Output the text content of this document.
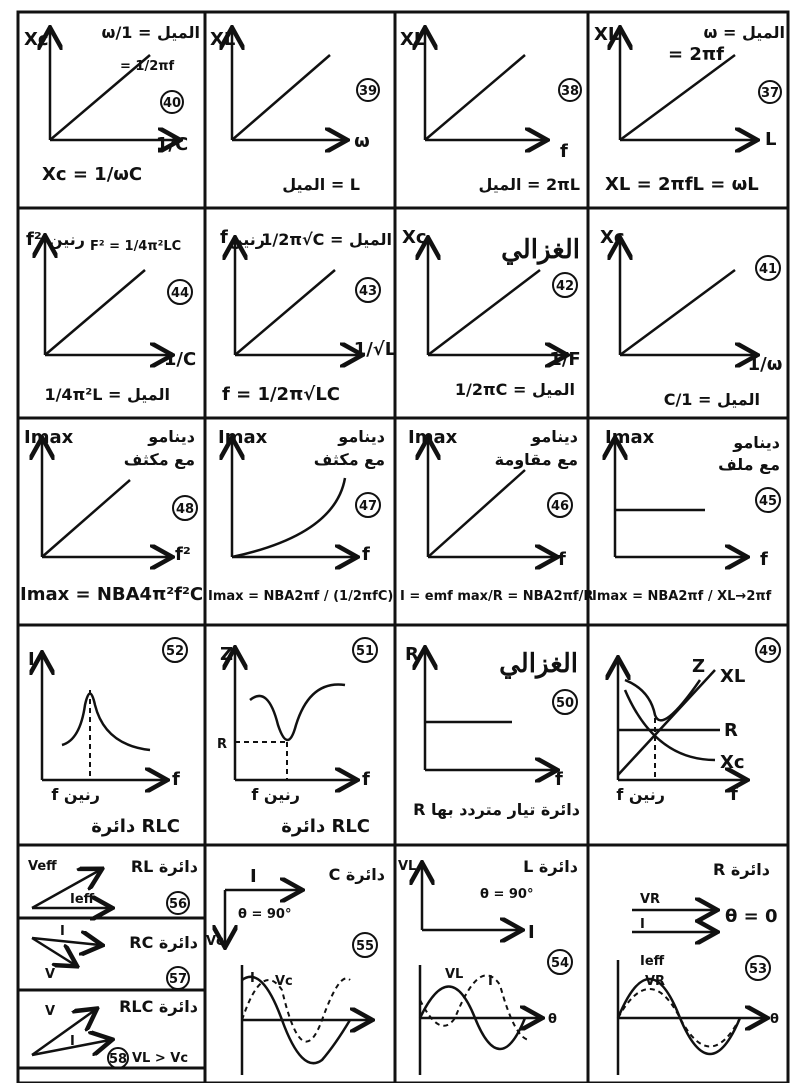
Xc	الميل = 1/ω
= 1/2πf
40
1/C
Xc = 1/ωC
XL
ω
39
L = الميل
XL
f
38
2πL = الميل
XL	الميل = ω
= 2πf
37
L
XL = 2πfL = ωL
f² رنين F² = 1/4π²LC
44
1/C
الميل = 1/4π²L
f رنين
الميل = 1/2π√C
43
1/√L
f = 1/2π√LC
Xc	الغزالي
42
1/F
الميل = 1/2πC
Xc
41
1/ω
الميل = 1/C
Imax	دينامو
مع مكثف
48
f²
Imax = NBA4π²f²C
Imax	دينامو
مع مكثف
47
f
Imax = NBA2πf / (1/2πfC)
Imax	دينامو
مع مقاومة
46
f
I = emf max/R = NBA2πf/R
Imax	دينامو
مع ملف
45
f
Imax = NBA2πf / XL→2πf
I	52
f
رنين f
دائرة RLC
Z
R
51
f
رنين f
دائرة RLC
R	الغزالي
50
f
دائرة تيار متردد بها R
49
Z XL
R
Xc
f
رنين f
Veff
Ieff
دائرة RL
56
I
V
دائرة RC
57
V
I
دائرة RLC
58 VL > Vc
دائرة C
I
Vc
θ = 90°
55
I Vc
VL
I
دائرة L
θ = 90°
54
θ
VL I
دائرة R
VR
I	θ = 0
53
θ
Ieff
VR
